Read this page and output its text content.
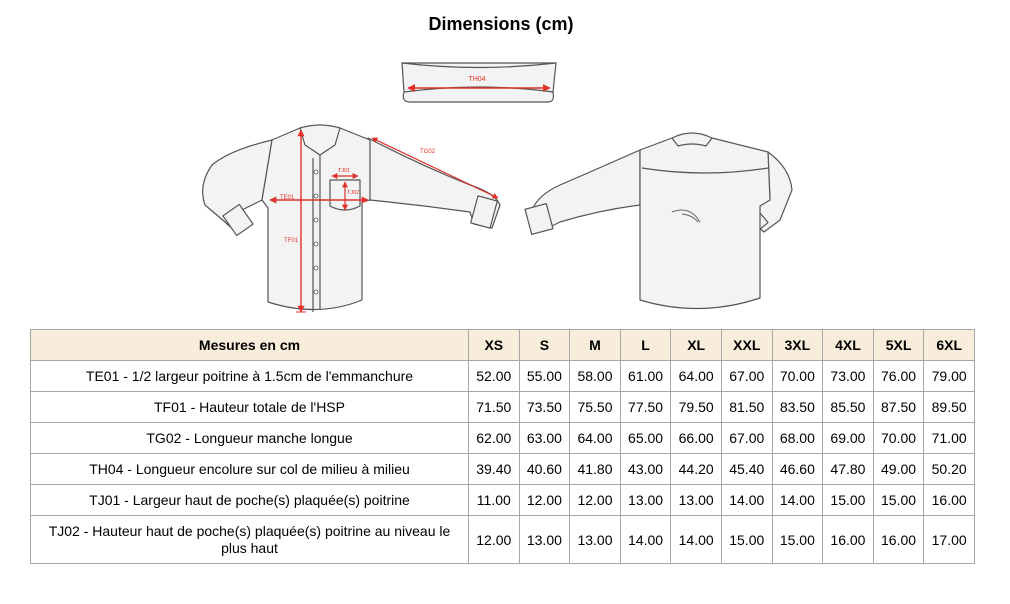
Dimensions (cm)
TH04
TF01
TE01
TG02
TJ01
TJ02
Mesures en cm	XS	S	M	L	XL	XXL	3XL	4XL	5XL	6XL
TE01 - 1/2 largeur poitrine à 1.5cm de l'emmanchure	52.00	55.00	58.00	61.00	64.00	67.00	70.00	73.00	76.00	79.00
TF01 - Hauteur totale de l'HSP	71.50	73.50	75.50	77.50	79.50	81.50	83.50	85.50	87.50	89.50
TG02 - Longueur manche longue	62.00	63.00	64.00	65.00	66.00	67.00	68.00	69.00	70.00	71.00
TH04 - Longueur encolure sur col de milieu à milieu	39.40	40.60	41.80	43.00	44.20	45.40	46.60	47.80	49.00	50.20
TJ01 - Largeur haut de poche(s) plaquée(s) poitrine	11.00	12.00	12.00	13.00	13.00	14.00	14.00	15.00	15.00	16.00
TJ02 - Hauteur haut de poche(s) plaquée(s) poitrine au niveau le plus haut	12.00	13.00	13.00	14.00	14.00	15.00	15.00	16.00	16.00	17.00
